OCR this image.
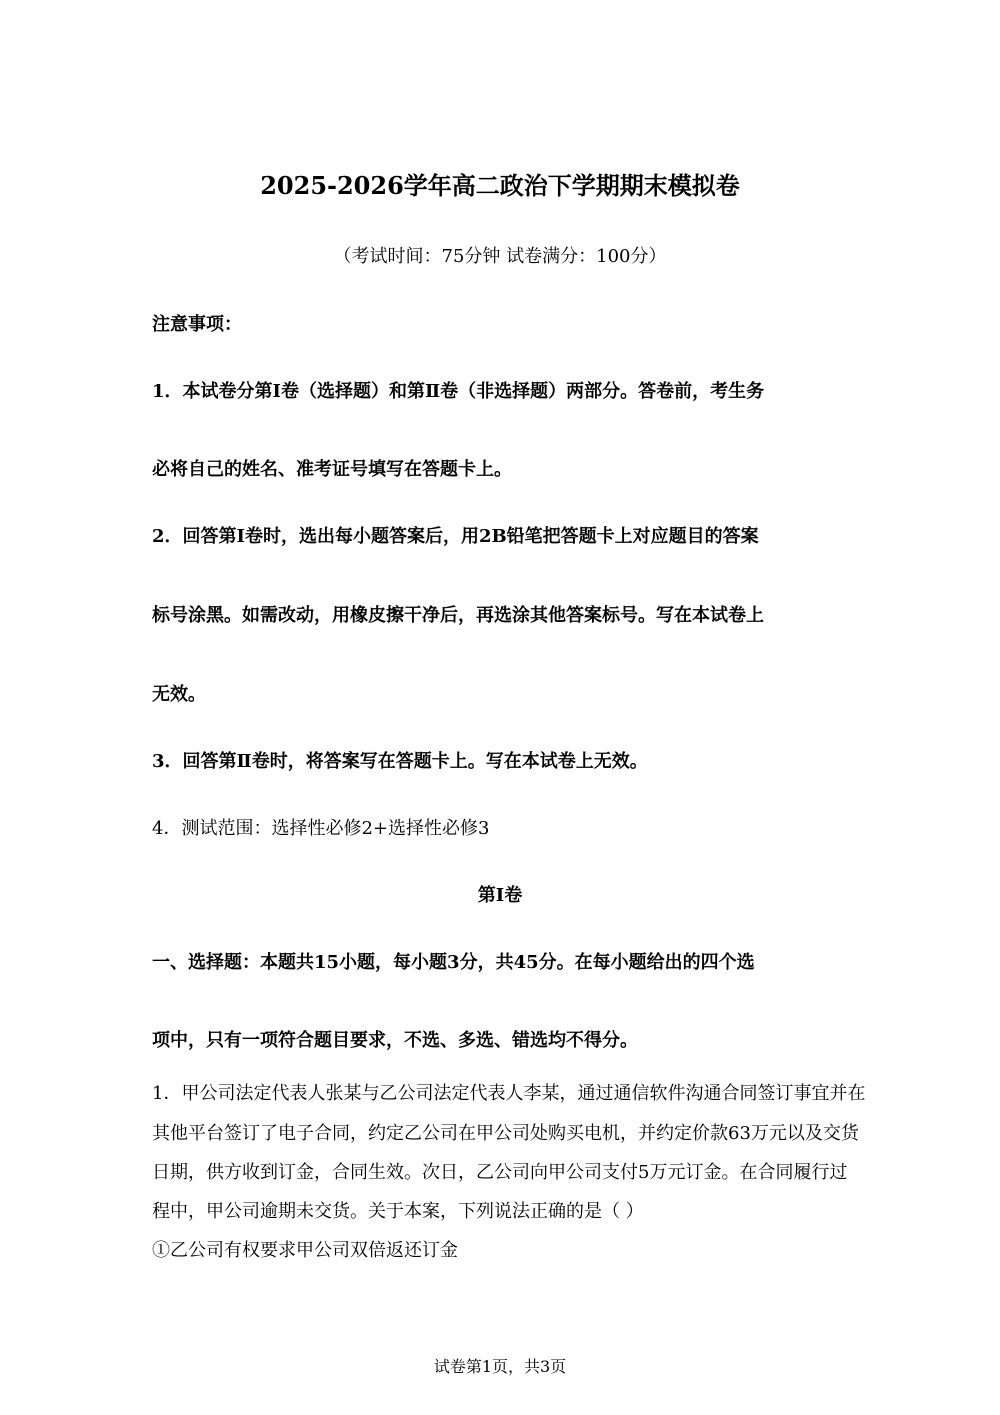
2025-2026学年高二政治下学期期末模拟卷
（考试时间：75分钟 试卷满分：100分）
注意事项：
1．本试卷分第Ⅰ卷（选择题）和第Ⅱ卷（非选择题）两部分。答卷前，考生务
必将自己的姓名、准考证号填写在答题卡上。
2．回答第Ⅰ卷时，选出每小题答案后，用2B铅笔把答题卡上对应题目的答案
标号涂黑。如需改动，用橡皮擦干净后，再选涂其他答案标号。写在本试卷上
无效。
3．回答第Ⅱ卷时，将答案写在答题卡上。写在本试卷上无效。
4．测试范围：选择性必修2+选择性必修3
第Ⅰ卷
一、选择题：本题共15小题，每小题3分，共45分。在每小题给出的四个选
项中，只有一项符合题目要求，不选、多选、错选均不得分。
1．甲公司法定代表人张某与乙公司法定代表人李某，通过通信软件沟通合同签订事宜并在
其他平台签订了电子合同，约定乙公司在甲公司处购买电机，并约定价款63万元以及交货
日期，供方收到订金，合同生效。次日，乙公司向甲公司支付5万元订金。在合同履行过
程中，甲公司逾期未交货。关于本案，下列说法正确的是（ ）
①乙公司有权要求甲公司双倍返还订金
试卷第1页，共3页
